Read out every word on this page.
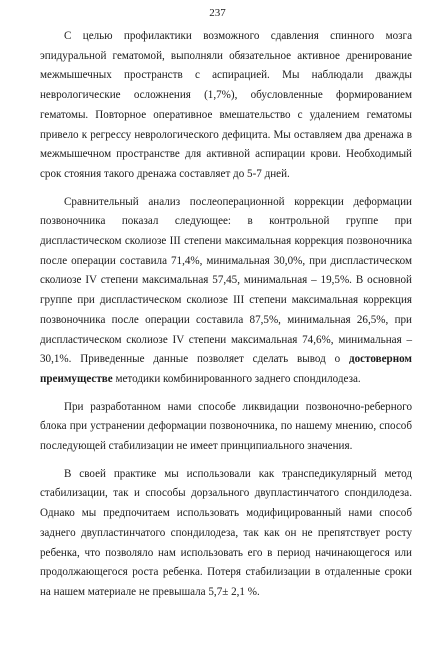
237

С целью профилактики возможного сдавления спинного мозга эпидуральной гематомой, выполняли обязательное активное дренирование межмышечных пространств с аспирацией. Мы наблюдали дважды неврологические осложнения (1,7%), обусловленные формированием гематомы. Повторное оперативное вмешательство с удалением гематомы привело к регрессу неврологического дефицита. Мы оставляем два дренажа в межмышечном пространстве для активной аспирации крови. Необходимый срок стояния такого дренажа составляет до 5-7 дней.

Сравнительный анализ послеоперационной коррекции деформации позвоночника показал следующее: в контрольной группе при диспластическом сколиозе III степени максимальная коррекция позвоночника после операции составила 71,4%, минимальная 30,0%, при диспластическом сколиозе IV степени максимальная 57,45, минимальная – 19,5%. В основной группе при диспластическом сколиозе III степени максимальная коррекция позвоночника после операции составила 87,5%, минимальная 26,5%, при диспластическом сколиозе IV степени максимальная 74,6%, минимальная – 30,1%. Приведенные данные позволяет сделать вывод о достоверном преимуществе методики комбинированного заднего спондилодеза.

При разработанном нами способе ликвидации позвоночно-реберного блока при устранении деформации позвоночника, по нашему мнению, способ последующей стабилизации не имеет принципиального значения.

В своей практике мы использовали как транспедикулярный метод стабилизации, так и способы дорзального двупластинчатого спондилодеза. Однако мы предпочитаем использовать модифицированный нами способ заднего двупластинчатого спондилодеза, так как он не препятствует росту ребенка, что позволяло нам использовать его в период начинающегося или продолжающегося роста ребенка. Потеря стабилизации в отдаленные сроки на нашем материале не превышала 5,7± 2,1 %.
